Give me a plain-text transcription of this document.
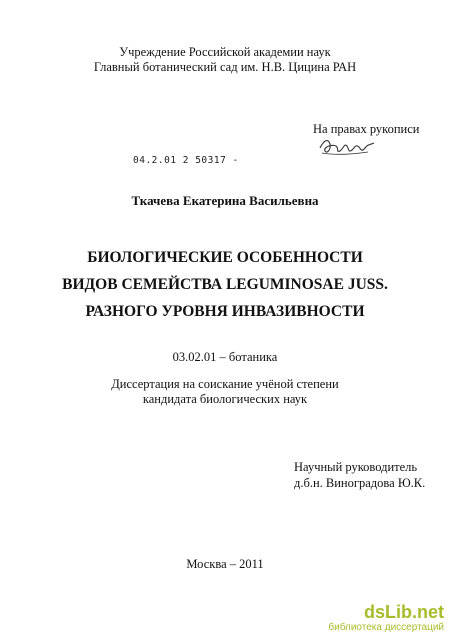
Учреждение Российской академии наук
Главный ботанический сад им. Н.В. Цицина РАН
На правах рукописи
04.2.01 2 50317 -
Ткачева Екатерина Васильевна
БИОЛОГИЧЕСКИЕ ОСОБЕННОСТИ
ВИДОВ СЕМЕЙСТВА LEGUMINOSAE JUSS.
РАЗНОГО УРОВНЯ ИНВАЗИВНОСТИ
03.02.01 – ботаника
Диссертация на соискание учёной степени
кандидата биологических наук
Научный руководитель
д.б.н. Виноградова Ю.К.
Москва – 2011
dsLib.net
библиотека диссертаций
